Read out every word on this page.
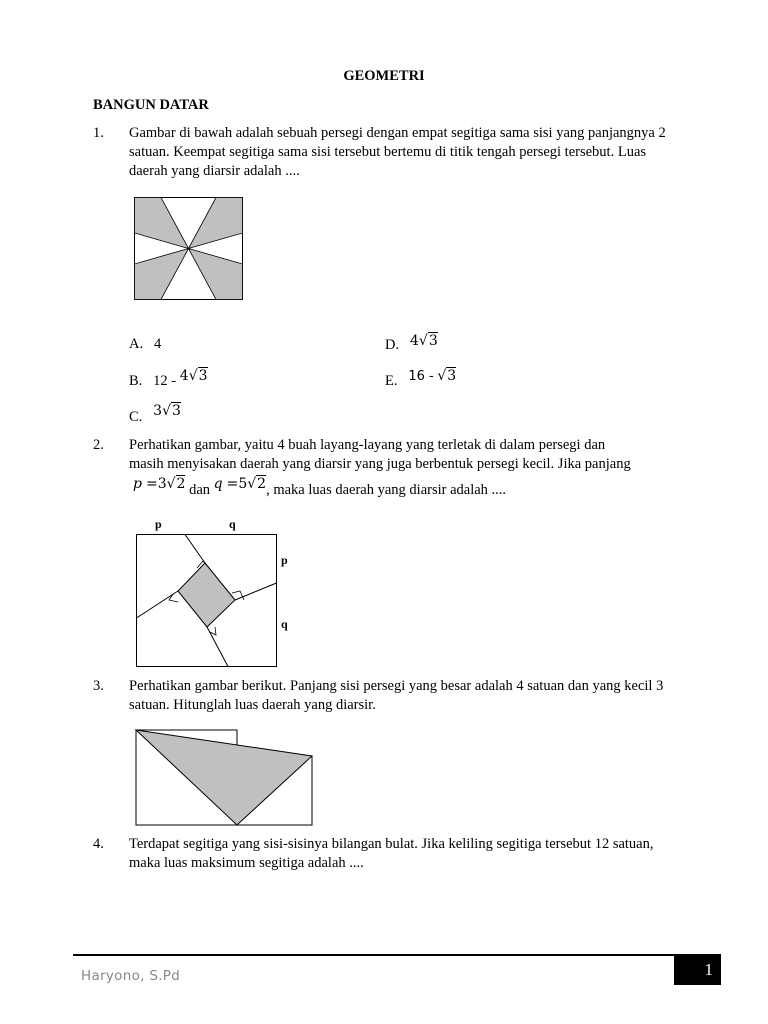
GEOMETRI
BANGUN DATAR
1. Gambar di bawah adalah sebuah persegi dengan empat segitiga sama sisi yang panjangnya 2 satuan. Keempat segitiga sama sisi tersebut bertemu di titik tengah persegi tersebut. Luas daerah yang diarsir adalah ....
A. 4	D. 4√3
B. 12 - 4√3	E. 16 - √3
C. 3√3
2. Perhatikan gambar, yaitu 4 buah layang-layang yang terletak di dalam persegi dan
masih menyisakan daerah yang diarsir yang juga berbentuk persegi kecil. Jika panjang
p =3√2 dan q =5√2, maka luas daerah yang diarsir adalah ....
p	q
p
q
3. Perhatikan gambar berikut. Panjang sisi persegi yang besar adalah 4 satuan dan yang kecil 3 satuan. Hitunglah luas daerah yang diarsir.
4. Terdapat segitiga yang sisi-sisinya bilangan bulat. Jika keliling segitiga tersebut 12 satuan, maka luas maksimum segitiga adalah ....
Haryono, S.Pd	1
